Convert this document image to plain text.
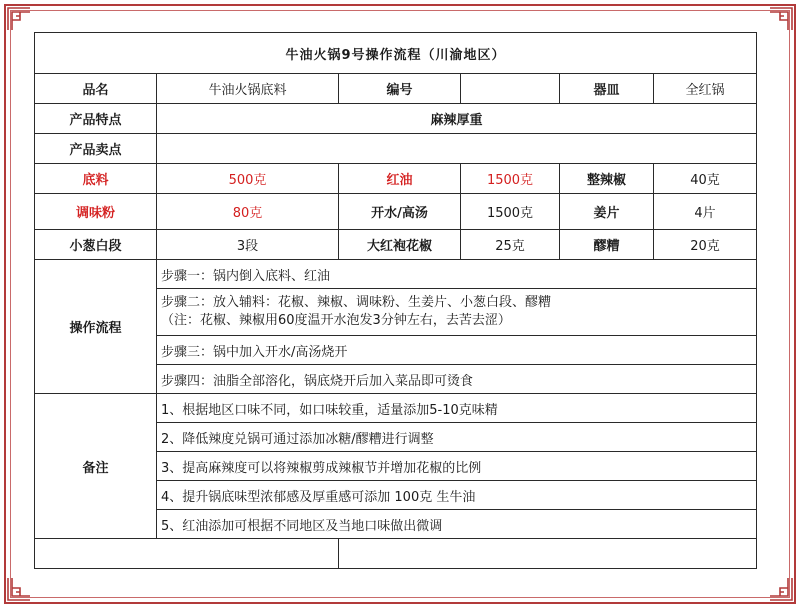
牛油火锅9号操作流程（川渝地区）					
品名	牛油火锅底料	编号		器皿	全红锅
产品特点	麻辣厚重				
产品卖点					
底料	500克	红油	1500克	整辣椒	40克
调味粉	80克	开水/高汤	1500克	姜片	4片
小葱白段	3段	大红袍花椒	25克	醪糟	20克
操作流程	步骤一：锅内倒入底料、红油				

	步骤二：放入辅料：花椒、辣椒、调味粉、生姜片、小葱白段、醪糟
（注：花椒、辣椒用60度温开水泡发3分钟左右，去苦去涩）				

	步骤三：锅中加入开水/高汤烧开				
	步骤四：油脂全部溶化，锅底烧开后加入菜品即可烫食				
备注	1、根据地区口味不同，如口味较重，适量添加5-10克味精				
	2、降低辣度兑锅可通过添加冰糖/醪糟进行调整				
	3、提高麻辣度可以将辣椒剪成辣椒节并增加花椒的比例				
	4、提升锅底味型浓郁感及厚重感可添加 100克 生牛油				
	5、红油添加可根据不同地区及当地口味做出微调				
